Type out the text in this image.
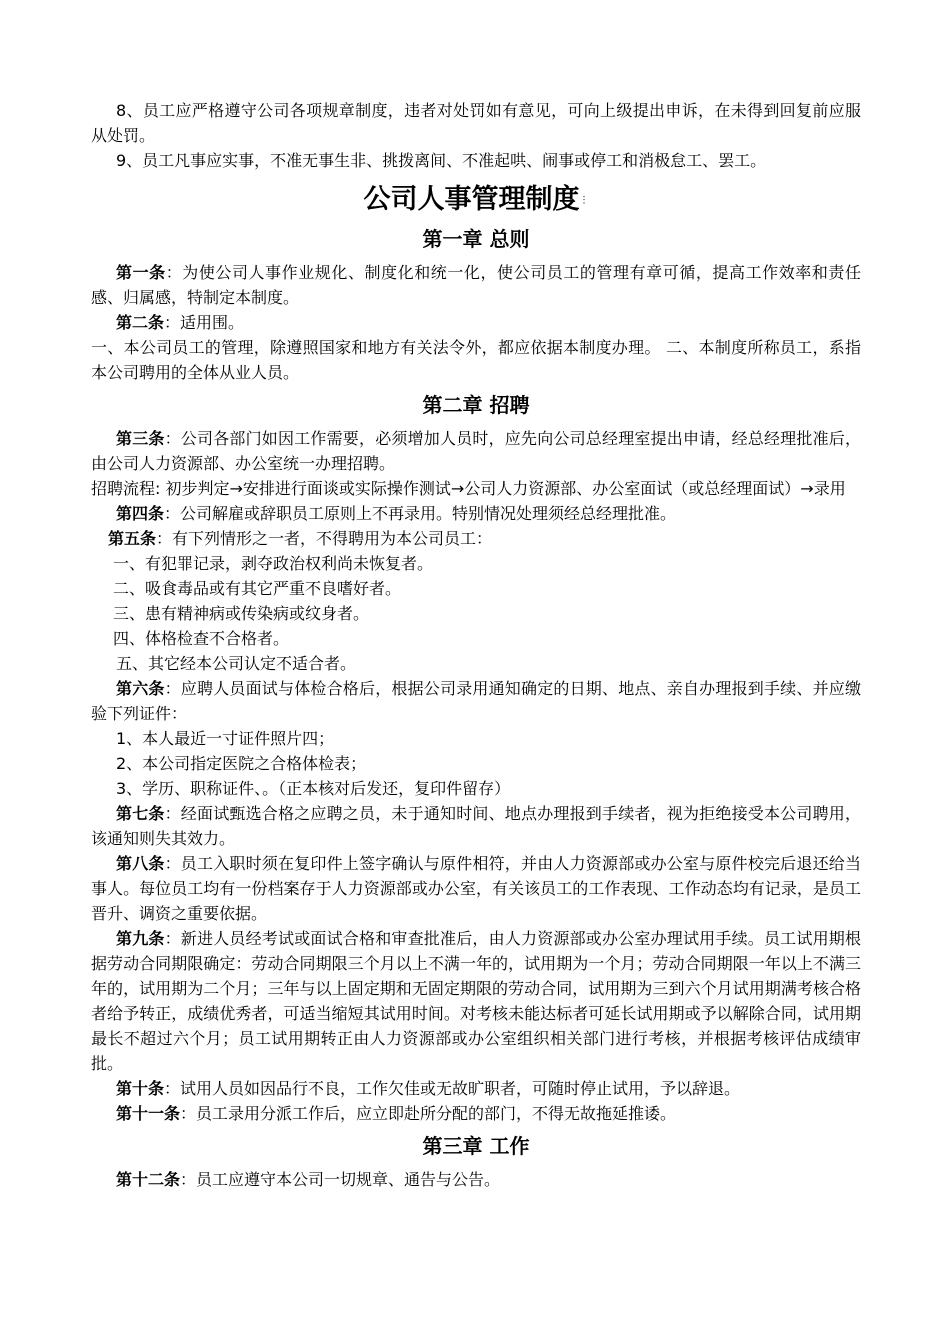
8、员工应严格遵守公司各项规章制度，违者对处罚如有意见，可向上级提出申诉，在未得到回复前应服从处罚。

9、员工凡事应实事，不准无事生非、挑拨离间、不准起哄、闹事或停工和消极怠工、罢工。

公司人事管理制度⋮
第一章 总则

第一条：为使公司人事作业规化、制度化和统一化，使公司员工的管理有章可循，提高工作效率和责任感、归属感，特制定本制度。

第二条：适用围。

一、本公司员工的管理，除遵照国家和地方有关法令外，都应依据本制度办理。 二、本制度所称员工，系指本公司聘用的全体从业人员。

第二章 招聘

第三条：公司各部门如因工作需要，必须增加人员时，应先向公司总经理室提出申请，经总经理批准后，由公司人力资源部、办公室统一办理招聘。

招聘流程: 初步判定→安排进行面谈或实际操作测试→公司人力资源部、办公室面试（或总经理面试）→录用

第四条：公司解雇或辞职员工原则上不再录用。特别情况处理须经总经理批准。

第五条：有下列情形之一者，不得聘用为本公司员工：

一、有犯罪记录，剥夺政治权利尚未恢复者。

二、吸食毒品或有其它严重不良嗜好者。

三、患有精神病或传染病或纹身者。

四、体格检查不合格者。

五、其它经本公司认定不适合者。

第六条：应聘人员面试与体检合格后，根据公司录用通知确定的日期、地点、亲自办理报到手续、并应缴验下列证件：

1、本人最近一寸证件照片四；

2、本公司指定医院之合格体检表；

3、学历、职称证件、。（正本核对后发还，复印件留存）

第七条：经面试甄选合格之应聘之员，未于通知时间、地点办理报到手续者，视为拒绝接受本公司聘用，该通知则失其效力。

第八条：员工入职时须在复印件上签字确认与原件相符，并由人力资源部或办公室与原件校完后退还给当事人。每位员工均有一份档案存于人力资源部或办公室，有关该员工的工作表现、工作动态均有记录，是员工晋升、调资之重要依据。

第九条：新进人员经考试或面试合格和审查批准后，由人力资源部或办公室办理试用手续。员工试用期根据劳动合同期限确定：劳动合同期限三个月以上不满一年的，试用期为一个月；劳动合同期限一年以上不满三年的，试用期为二个月；三年与以上固定期和无固定期限的劳动合同，试用期为三到六个月试用期满考核合格者给予转正，成绩优秀者，可适当缩短其试用时间。对考核未能达标者可延长试用期或予以解除合同，试用期最长不超过六个月；员工试用期转正由人力资源部或办公室组织相关部门进行考核，并根据考核评估成绩审批。

第十条：试用人员如因品行不良，工作欠佳或无故旷职者，可随时停止试用，予以辞退。

第十一条：员工录用分派工作后，应立即赴所分配的部门，不得无故拖延推诿。

第三章 工作

第十二条：员工应遵守本公司一切规章、通告与公告。
